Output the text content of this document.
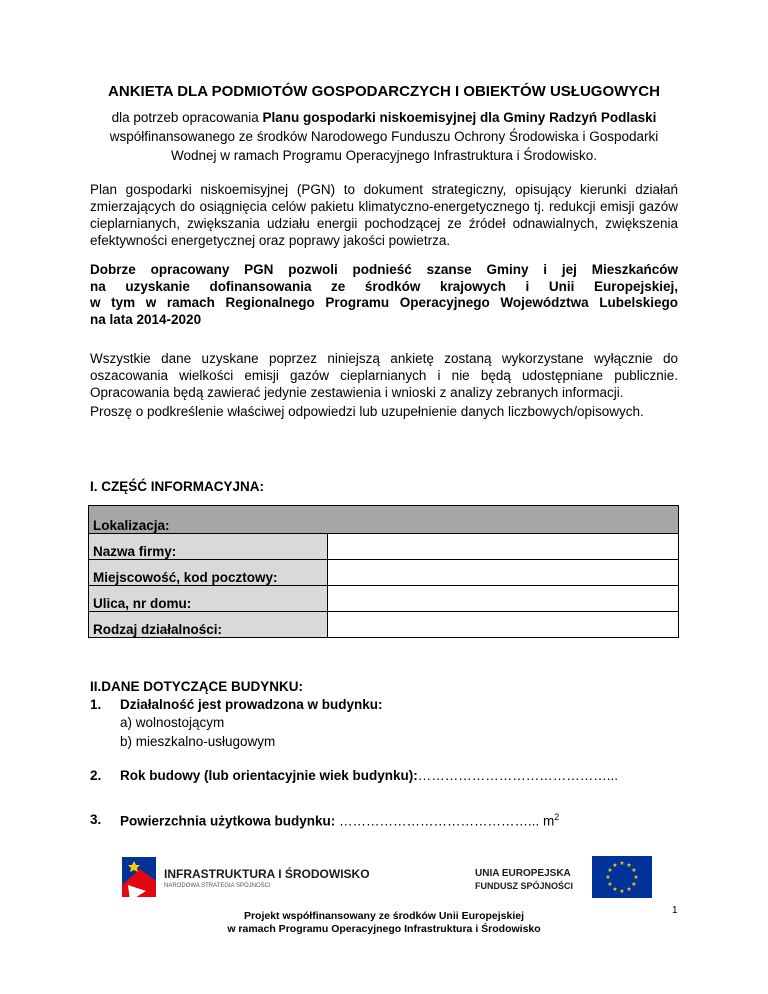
ANKIETA DLA PODMIOTÓW GOSPODARCZYCH I OBIEKTÓW USŁUGOWYCH
dla potrzeb opracowania Planu gospodarki niskoemisyjnej dla Gminy Radzyń Podlaski
współfinansowanego ze środków Narodowego Funduszu Ochrony Środowiska i Gospodarki
Wodnej w ramach Programu Operacyjnego Infrastruktura i Środowisko.
Plan gospodarki niskoemisyjnej (PGN) to dokument strategiczny, opisujący kierunki działań zmierzających do osiągnięcia celów pakietu klimatyczno-energetycznego tj. redukcji emisji gazów cieplarnianych, zwiększania udziału energii pochodzącej ze źródeł odnawialnych, zwiększenia efektywności energetycznej oraz poprawy jakości powietrza.
Dobrze opracowany PGN pozwoli podnieść szanse Gminy i jej Mieszkańców
na uzyskanie dofinansowania ze środków krajowych i Unii Europejskiej,
w tym w ramach Regionalnego Programu Operacyjnego Województwa Lubelskiego
na lata 2014-2020
Wszystkie dane uzyskane poprzez niniejszą ankietę zostaną wykorzystane wyłącznie do oszacowania wielkości emisji gazów cieplarnianych i nie będą udostępniane publicznie. Opracowania będą zawierać jedynie zestawienia i wnioski z analizy zebranych informacji.
Proszę o podkreślenie właściwej odpowiedzi lub uzupełnienie danych liczbowych/opisowych.
I. CZĘŚĆ INFORMACYJNA:
Lokalizacja:	
Nazwa firmy:	
Miejscowość, kod pocztowy:	
Ulica, nr domu:	
Rodzaj działalności:	
II.DANE DOTYCZĄCE BUDYNKU:
1. Działalność jest prowadzona w budynku:
a) wolnostojącym
b) mieszkalno-usługowym
2. Rok budowy (lub orientacyjnie wiek budynku):……………………………………...
3. Powierzchnia użytkowa budynku: ……………………………………... $m^2$
INFRASTRUKTURA I ŚRODOWISKO
NARODOWA STRATEGIA SPÓJNOŚCI
UNIA EUROPEJSKA
FUNDUSZ SPÓJNOŚCI
★ ★
★
★
★
★
★
★
★
★
★
★
1
Projekt współfinansowany ze środków Unii Europejskiej
w ramach Programu Operacyjnego Infrastruktura i Środowisko
